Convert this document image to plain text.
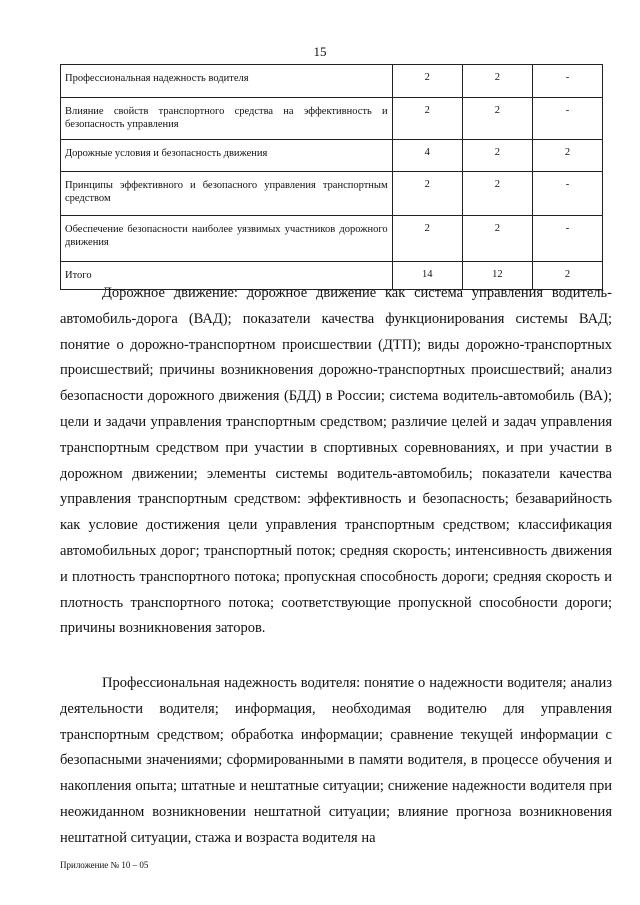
15
Профессиональная надежность водителя	2	2	-
Влияние свойств транспортного средства на эффективность и безопасность управления	2	2	-
Дорожные условия и безопасность движения	4	2	2
Принципы эффективного и безопасного управления транспортным средством	2	2	-
Обеспечение безопасности наиболее уязвимых участников дорожного движения	2	2	-
Итого	14	12	2

Дорожное движение: дорожное движение как система управления водитель-автомобиль-дорога (ВАД); показатели качества функционирования системы ВАД; понятие о дорожно-транспортном происшествии (ДТП); виды дорожно-транспортных происшествий; причины возникновения дорожно-транспортных происшествий; анализ безопасности дорожного движения (БДД) в России; система водитель-автомобиль (ВА); цели и задачи управления транспортным средством; различие целей и задач управления транспортным средством при участии в спортивных соревнованиях, и при участии в дорожном движении; элементы системы водитель-автомобиль; показатели качества управления транспортным средством: эффективность и безопасность; безаварийность как условие достижения цели управления транспортным средством; классификация автомобильных дорог; транспортный поток; средняя скорость; интенсивность движения и плотность транспортного потока; пропускная способность дороги; средняя скорость и плотность транспортного потока; соответствующие пропускной способности дороги; причины возникновения заторов.

Профессиональная надежность водителя: понятие о надежности водителя; анализ деятельности водителя; информация, необходимая водителю для управления транспортным средством; обработка информации; сравнение текущей информации с безопасными значениями; сформированными в памяти водителя, в процессе обучения и накопления опыта; штатные и нештатные ситуации; снижение надежности водителя при неожиданном возникновении нештатной ситуации; влияние прогноза возникновения нештатной ситуации, стажа и возраста водителя на

Приложение № 10 – 05
